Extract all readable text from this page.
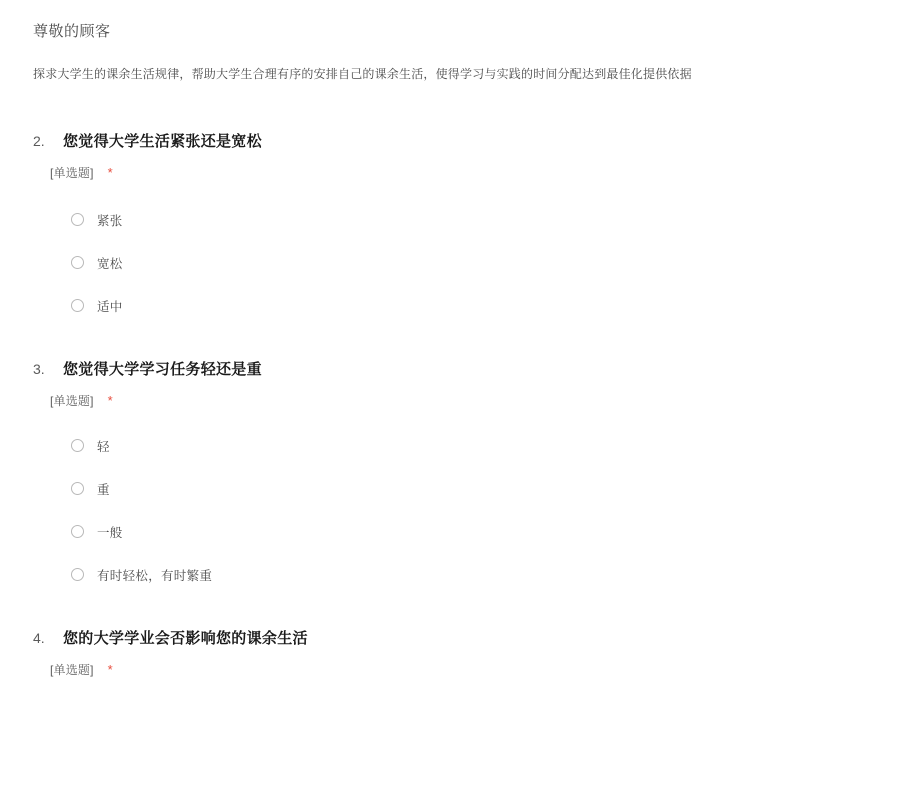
尊敬的顾客
探求大学生的课余生活规律，帮助大学生合理有序的安排自己的课余生活，使得学习与实践的时间分配达到最佳化提供依据
2.	您觉得大学生活紧张还是宽松
[单选题] *
紧张
宽松
适中
3.	您觉得大学学习任务轻还是重
[单选题] *
轻
重
一般
有时轻松，有时繁重
4.	您的大学学业会否影响您的课余生活
[单选题] *
